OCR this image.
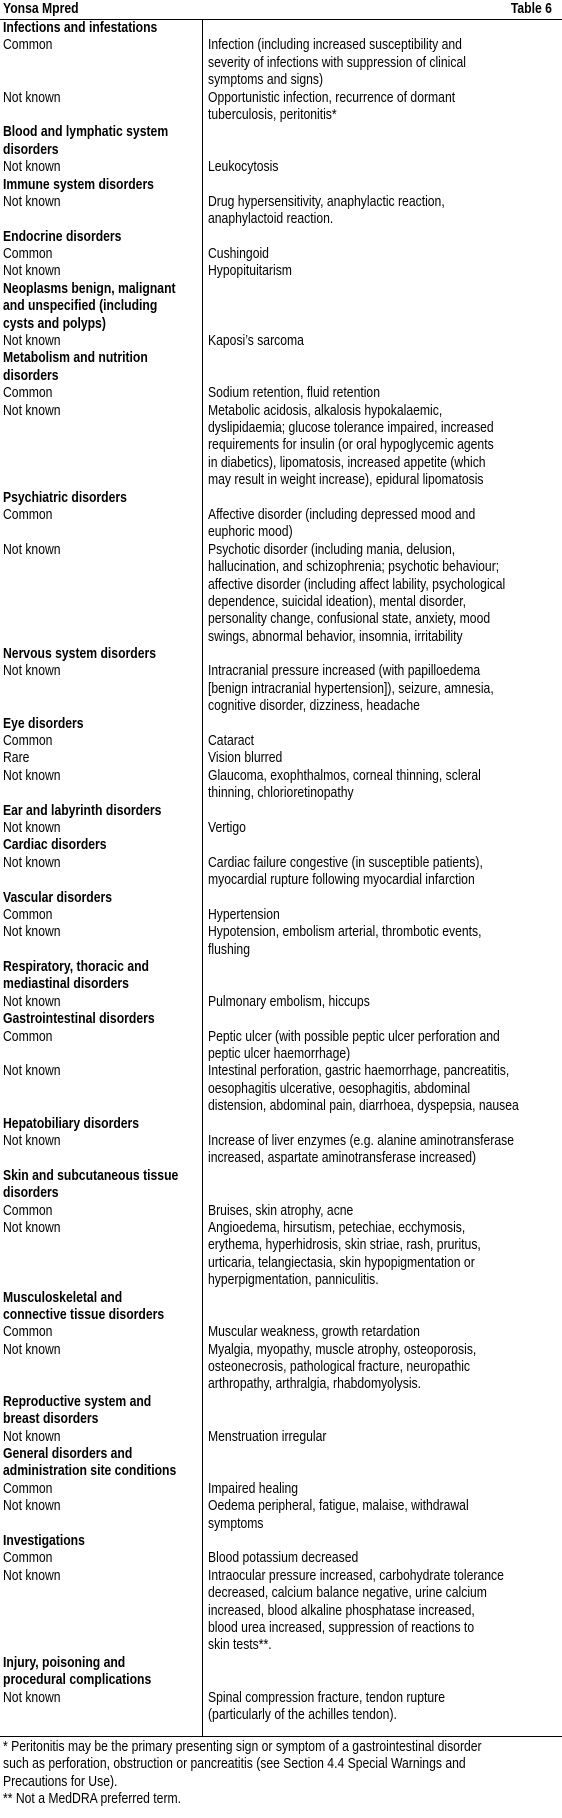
Yonsa Mpred	Table 6
Infections and infestations
Common	Infection (including increased susceptibility and
severity of infections with suppression of clinical
symptoms and signs)
Not known	Opportunistic infection, recurrence of dormant
tuberculosis, peritonitis*
Blood and lymphatic system
disorders
Not known	Leukocytosis
Immune system disorders
Not known	Drug hypersensitivity, anaphylactic reaction,
anaphylactoid reaction.
Endocrine disorders
Common	Cushingoid
Not known	Hypopituitarism
Neoplasms benign, malignant
and unspecified (including
cysts and polyps)
Not known	Kaposi’s sarcoma
Metabolism and nutrition
disorders
Common	Sodium retention, fluid retention
Not known	Metabolic acidosis, alkalosis hypokalaemic,
dyslipidaemia; glucose tolerance impaired, increased
requirements for insulin (or oral hypoglycemic agents
in diabetics), lipomatosis, increased appetite (which
may result in weight increase), epidural lipomatosis
Psychiatric disorders
Common	Affective disorder (including depressed mood and
euphoric mood)
Not known	Psychotic disorder (including mania, delusion,
hallucination, and schizophrenia; psychotic behaviour;
affective disorder (including affect lability, psychological
dependence, suicidal ideation), mental disorder,
personality change, confusional state, anxiety, mood
swings, abnormal behavior, insomnia, irritability
Nervous system disorders
Not known	Intracranial pressure increased (with papilloedema
[benign intracranial hypertension]), seizure, amnesia,
cognitive disorder, dizziness, headache
Eye disorders
Common	Cataract
Rare	Vision blurred
Not known	Glaucoma, exophthalmos, corneal thinning, scleral
thinning, chlorioretinopathy
Ear and labyrinth disorders
Not known	Vertigo
Cardiac disorders
Not known	Cardiac failure congestive (in susceptible patients),
myocardial rupture following myocardial infarction
Vascular disorders
Common	Hypertension
Not known	Hypotension, embolism arterial, thrombotic events,
flushing
Respiratory, thoracic and
mediastinal disorders
Not known	Pulmonary embolism, hiccups
Gastrointestinal disorders
Common	Peptic ulcer (with possible peptic ulcer perforation and
peptic ulcer haemorrhage)
Not known	Intestinal perforation, gastric haemorrhage, pancreatitis,
oesophagitis ulcerative, oesophagitis, abdominal
distension, abdominal pain, diarrhoea, dyspepsia, nausea
Hepatobiliary disorders
Not known	Increase of liver enzymes (e.g. alanine aminotransferase
increased, aspartate aminotransferase increased)
Skin and subcutaneous tissue
disorders
Common	Bruises, skin atrophy, acne
Not known	Angioedema, hirsutism, petechiae, ecchymosis,
erythema, hyperhidrosis, skin striae, rash, pruritus,
urticaria, telangiectasia, skin hypopigmentation or
hyperpigmentation, panniculitis.
Musculoskeletal and
connective tissue disorders
Common	Muscular weakness, growth retardation
Not known	Myalgia, myopathy, muscle atrophy, osteoporosis,
osteonecrosis, pathological fracture, neuropathic
arthropathy, arthralgia, rhabdomyolysis.
Reproductive system and
breast disorders
Not known	Menstruation irregular
General disorders and
administration site conditions
Common	Impaired healing
Not known	Oedema peripheral, fatigue, malaise, withdrawal
symptoms
Investigations
Common	Blood potassium decreased
Not known	Intraocular pressure increased, carbohydrate tolerance
decreased, calcium balance negative, urine calcium
increased, blood alkaline phosphatase increased,
blood urea increased, suppression of reactions to
skin tests**.
Injury, poisoning and
procedural complications
Not known	Spinal compression fracture, tendon rupture
(particularly of the achilles tendon).
* Peritonitis may be the primary presenting sign or symptom of a gastrointestinal disorder
such as perforation, obstruction or pancreatitis (see Section 4.4 Special Warnings and
Precautions for Use).
** Not a MedDRA preferred term.
